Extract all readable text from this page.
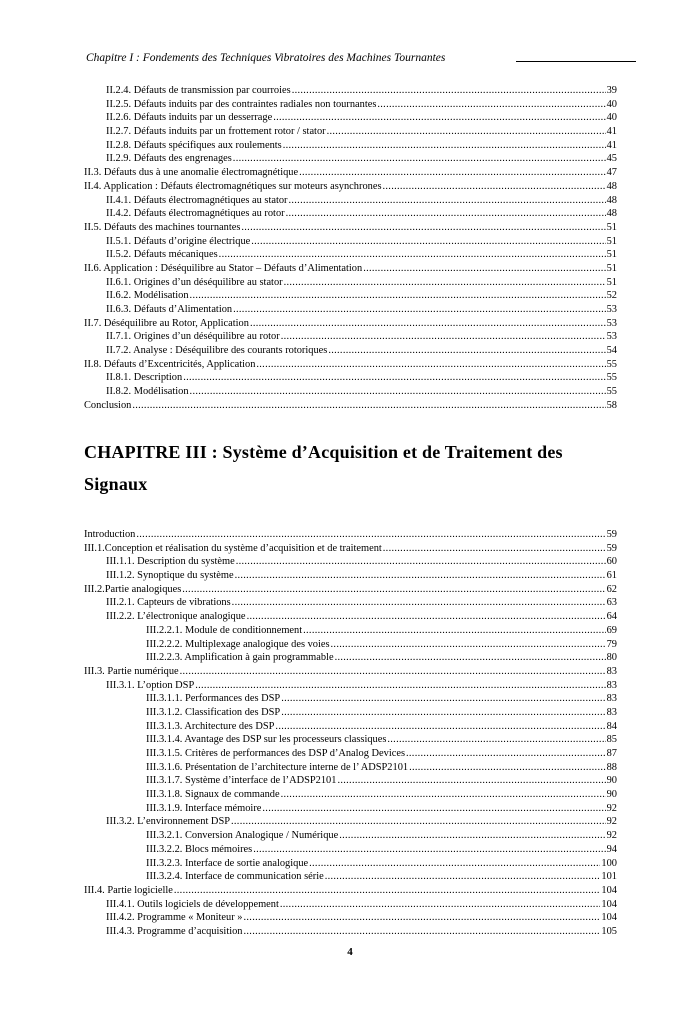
Chapitre I : Fondements des Techniques Vibratoires des Machines Tournantes
II.2.4. Défauts de transmission par courroies .....	39
II.2.5. Défauts induits par des contraintes radiales non tournantes .....	40
II.2.6. Défauts induits par un desserrage .....	40
II.2.7. Défauts induits par un frottement rotor / stator .....	41
II.2.8. Défauts spécifiques aux roulements .....	41
II.2.9. Défauts des engrenages .....	45
II.3. Défauts dus à une anomalie électromagnétique .....	47
II.4. Application : Défauts électromagnétiques sur moteurs asynchrones .....	48
II.4.1. Défauts électromagnétiques au stator .....	48
II.4.2. Défauts électromagnétiques au rotor .....	48
II.5. Défauts des machines tournantes .....	51
II.5.1. Défauts d’origine électrique .....	51
II.5.2. Défauts mécaniques .....	51
II.6. Application : Déséquilibre au Stator – Défauts d’Alimentation .....	51
II.6.1. Origines d’un déséquilibre au stator .....	51
II.6.2. Modélisation .....	52
II.6.3. Défauts d’Alimentation .....	53
II.7. Déséquilibre au Rotor, Application .....	53
II.7.1. Origines d’un déséquilibre au rotor .....	53
II.7.2. Analyse : Déséquilibre des courants rotoriques .....	54
II.8. Défauts d’Excentricités, Application .....	55
II.8.1. Description .....	55
II.8.2. Modélisation .....	55
Conclusion .....	58
CHAPITRE III : Système d’Acquisition et de Traitement des Signaux
Introduction .....	59
III.1.Conception et réalisation du système d’acquisition et de traitement .....	59
III.1.1. Description du système .....	60
III.1.2. Synoptique du système .....	61
III.2.Partie analogiques .....	62
III.2.1. Capteurs de vibrations .....	63
III.2.2. L’électronique analogique .....	64
III.2.2.1. Module de conditionnement .....	69
III.2.2.2. Multiplexage analogique des voies .....	79
III.2.2.3. Amplification à gain programmable .....	80
III.3. Partie numérique .....	83
III.3.1. L’option DSP .....	83
III.3.1.1. Performances des DSP .....	83
III.3.1.2. Classification des DSP .....	83
III.3.1.3. Architecture des DSP .....	84
III.3.1.4. Avantage des DSP sur les processeurs classiques .....	85
III.3.1.5. Critères de performances des DSP d’Analog Devices .....	87
III.3.1.6. Présentation de l’architecture interne de l’ ADSP2101 .....	88
III.3.1.7. Système d’interface de l’ADSP2101 .....	90
III.3.1.8. Signaux de commande .....	90
III.3.1.9. Interface mémoire .....	92
III.3.2. L’environnement DSP .....	92
III.3.2.1. Conversion Analogique / Numérique .....	92
III.3.2.2. Blocs mémoires .....	94
III.3.2.3. Interface de sortie analogique .....	100
III.3.2.4. Interface de communication série .....	101
III.4. Partie logicielle .....	104
III.4.1. Outils logiciels de développement .....	104
III.4.2. Programme « Moniteur » .....	104
III.4.3. Programme d’acquisition .....	105
4
